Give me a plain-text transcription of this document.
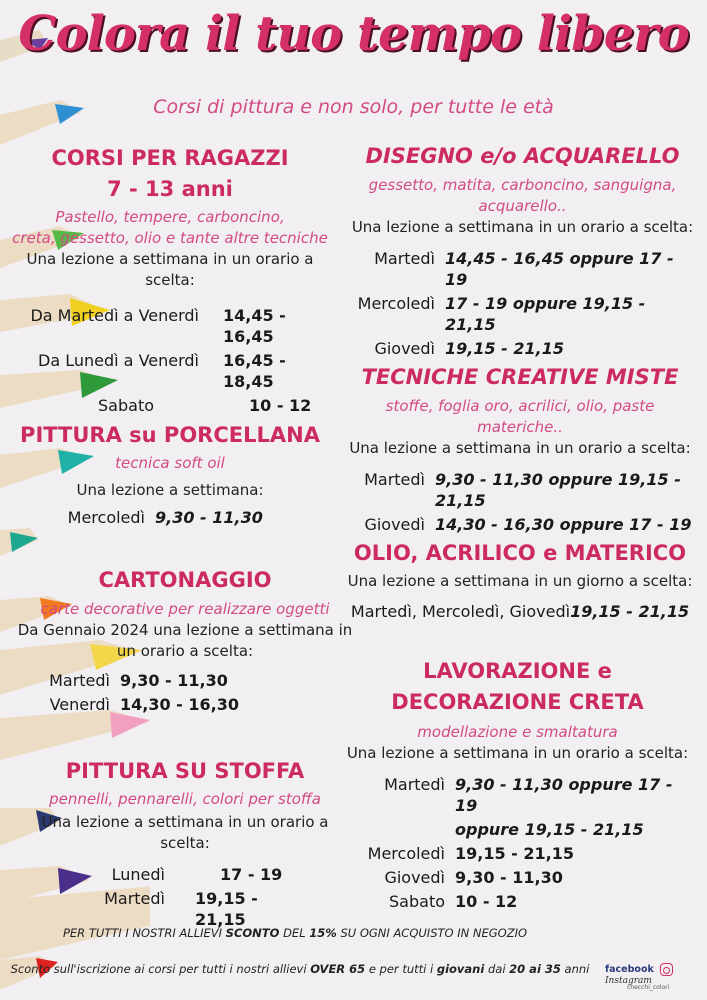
Colora il tuo tempo libero
Corsi di pittura e non solo, per tutte le età
CORSI PER RAGAZZI
7 - 13 anni
Pastello, tempere, carboncino,
creta, gessetto, olio e tante altre tecniche
Una lezione a settimana in un orario a scelta:
Da Martedì a Venerdì	14,45 - 16,45
Da Lunedì a Venerdì	16,45 - 18,45
Sabato	10 - 12
PITTURA su PORCELLANA
tecnica soft oil
Una lezione a settimana:
Mercoledì 9,30 - 11,30
CARTONAGGIO
carte decorative per realizzare oggetti
Da Gennaio 2024 una lezione a settimana in
un orario a scelta:
Martedì 9,30 - 11,30
Venerdì 14,30 - 16,30
PITTURA SU STOFFA
pennelli, pennarelli, colori per stoffa
Una lezione a settimana in un orario a scelta:
Lunedì	17 - 19
Martedì	19,15 - 21,15
DISEGNO e/o ACQUARELLO
gessetto, matita, carboncino, sanguigna,
acquarello..
Una lezione a settimana in un orario a scelta:
Martedì 14,45 - 16,45 oppure 17 - 19
Mercoledì 17 - 19 oppure 19,15 - 21,15
Giovedì 19,15 - 21,15
TECNICHE CREATIVE MISTE
stoffe, foglia oro, acrilici, olio, paste materiche..
Una lezione a settimana in un orario a scelta:
Martedì 9,30 - 11,30 oppure 19,15 - 21,15
Giovedì 14,30 - 16,30 oppure 17 - 19
OLIO, ACRILICO e MATERICO
Una lezione a settimana in un giorno a scelta:
Martedì, Mercoledì, Giovedì19,15 - 21,15
LAVORAZIONE e
DECORAZIONE CRETA
modellazione e smaltatura
Una lezione a settimana in un orario a scelta:
Martedì 9,30 - 11,30 oppure 17 - 19
oppure 19,15 - 21,15
Mercoledì 19,15 - 21,15
Giovedì 9,30 - 11,30
Sabato 10 - 12
PER TUTTI I NOSTRI ALLIEVI SCONTO DEL 15% SU OGNI ACQUISTO IN NEGOZIO
Sconto sull'iscrizione ai corsi per tutti i nostri allievi OVER 65 e per tutti i giovani dai 20 ai 35 anni	facebook Instagram
checchi_colori
